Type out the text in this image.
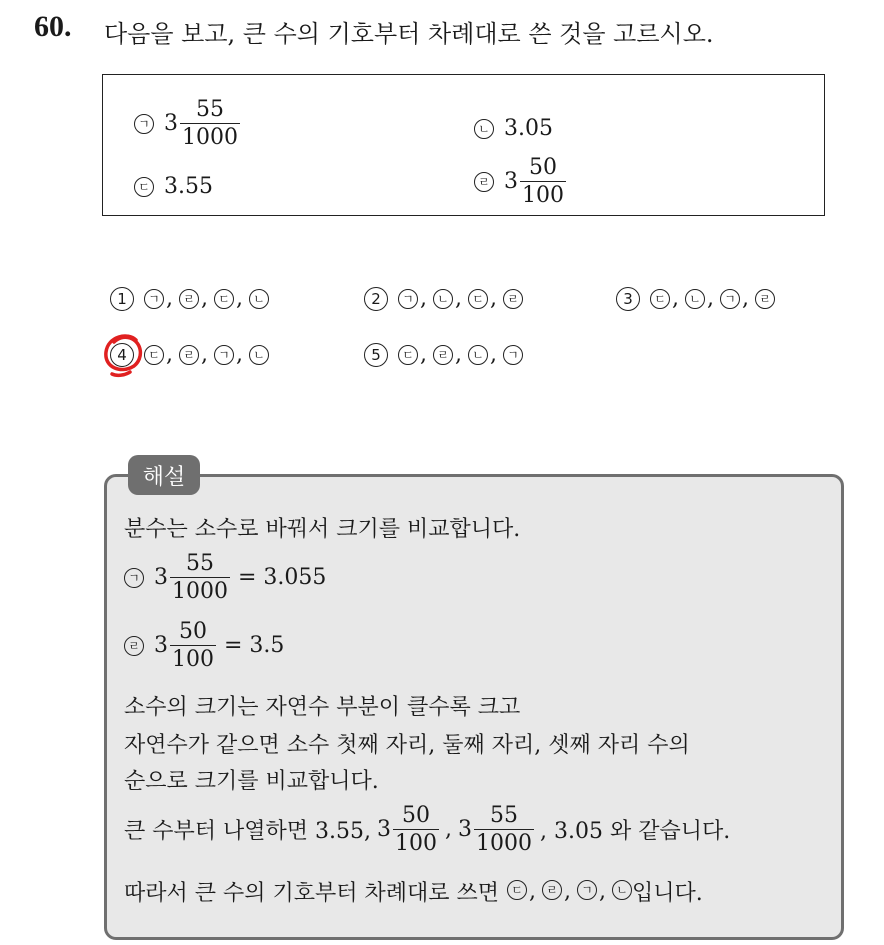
60. 다음을 보고, 큰 수의 기호부터 차례대로 쓴 것을 고르시오.
ㄱ $3 \frac{55}{1000}$	ㄴ 3.05
ㄷ 3.55	ㄹ $3 \frac{50}{100}$
1	ㄱ , ㄹ , ㄷ , ㄴ	2	ㄱ , ㄴ , ㄷ , ㄹ	3	ㄷ , ㄴ , ㄱ , ㄹ
4	ㄷ , ㄹ , ㄱ , ㄴ	5	ㄷ , ㄹ , ㄴ , ㄱ
해설
분수는 소수로 바꿔서 크기를 비교합니다.
ㄱ $3 \frac{55}{1000} = 3.055$
ㄹ $3 \frac{50}{100} = 3.5$
소수의 크기는 자연수 부분이 클수록 크고
자연수가 같으면 소수 첫째 자리, 둘째 자리, 셋째 자리 수의
순으로 크기를 비교합니다.
큰 수부터 나열하면 3.55, $3 \frac{50}{100}$ , $3 \frac{55}{1000}$ , 3.05 와 같습니다.
따라서 큰 수의 기호부터 차례대로 쓰면	ㄷ , ㄹ , ㄱ , ㄴ 입니다.
